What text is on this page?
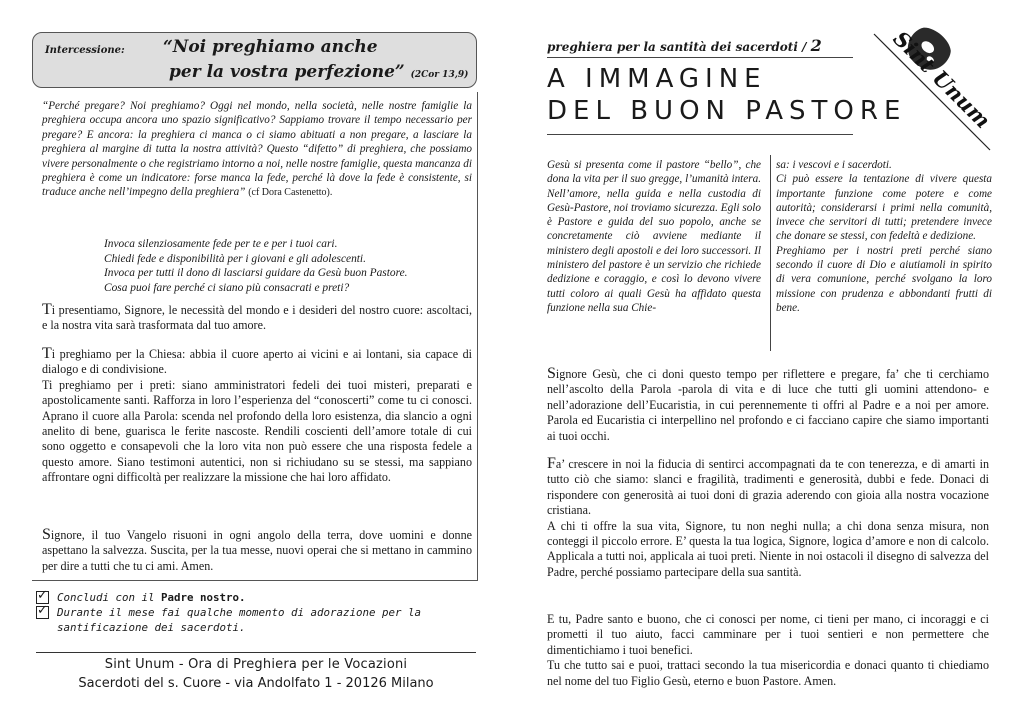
Intercessione: “Noi preghiamo anche
per la vostra perfezione” (2Cor 13,9)
“Perché pregare? Noi preghiamo? Oggi nel mondo, nella società, nelle nostre famiglie la preghiera occupa ancora uno spazio significativo? Sappiamo trovare il tempo necessario per pregare? E ancora: la preghiera ci manca o ci siamo abituati a non pregare, a lasciare la preghiera al margine di tutta la nostra attività? Questo “difetto” di preghiera, che possiamo vivere personalmente o che registriamo intorno a noi, nelle nostre famiglie, questa mancanza di preghiera è come un indicatore: forse manca la fede, perché là dove la fede è consistente, si traduce anche nell’impegno della preghiera” (cf Dora Castenetto).
Invoca silenziosamente fede per te e per i tuoi cari.
Chiedi fede e disponibilità per i giovani e gli adolescenti.
Invoca per tutti il dono di lasciarsi guidare da Gesù buon Pastore.
Cosa puoi fare perché ci siano più consacrati e preti?
Ti presentiamo, Signore, le necessità del mondo e i desideri del nostro cuore: ascoltaci, e la nostra vita sarà trasformata dal tuo amore.
Ti preghiamo per la Chiesa: abbia il cuore aperto ai vicini e ai lontani, sia capace di dialogo e di condivisione.
Ti preghiamo per i preti: siano amministratori fedeli dei tuoi misteri, preparati e apostolicamente santi. Rafforza in loro l’esperienza del “conoscerti” come tu ci conosci. Aprano il cuore alla Parola: scenda nel profondo della loro esistenza, dia slancio a ogni anelito di bene, guarisca le ferite nascoste. Rendili coscienti dell’amore totale di cui sono oggetto e consapevoli che la loro vita non può essere che una risposta fedele a questo amore. Siano testimoni autentici, non si richiudano su se stessi, ma sappiano affrontare ogni difficoltà per realizzare la missione che hai loro affidato.
Signore, il tuo Vangelo risuoni in ogni angolo della terra, dove uomini e donne aspettano la salvezza. Suscita, per la tua messe, nuovi operai che si mettano in cammino per dire a tutti che tu ci ami. Amen.
✓
Concludi con il Padre nostro.
✓
Durante il mese fai qualche momento di adorazione per la
santificazione dei sacerdoti.
Sint Unum - Ora di Preghiera per le Vocazioni
Sacerdoti del s. Cuore - via Andolfato 1 - 20126 Milano
preghiera per la santità dei sacerdoti / 2
A IMMAGINE
DEL BUON PASTORE
Sint Unum
Gesù si presenta come il pastore “bello”, che dona la vita per il suo gregge, l’umanità intera. Nell’amore, nella guida e nella custodia di Gesù-Pastore, noi troviamo sicurezza. Egli solo è Pastore e guida del suo popolo, anche se concretamente ciò avviene mediante il ministero degli apostoli e dei loro successori. Il ministero del pastore è un servizio che richiede dedizione e coraggio, e così lo devono vivere tutti coloro ai quali Gesù ha affidato questa funzione nella sua Chie-
sa: i vescovi e i sacerdoti.
Ci può essere la tentazione di vivere questa importante funzione come potere e come autorità; considerarsi i primi nella comunità, invece che servitori di tutti; pretendere invece che donare se stessi, con fedeltà e dedizione.
Preghiamo per i nostri preti perché siano secondo il cuore di Dio e aiutiamoli in spirito di vera comunione, perché svolgano la loro missione con prudenza e abbondanti frutti di bene.
Signore Gesù, che ci doni questo tempo per riflettere e pregare, fa’ che ti cerchiamo nell’ascolto della Parola -parola di vita e di luce che tutti gli uomini attendono- e nell’adorazione dell’Eucaristia, in cui perennemente ti offri al Padre e a noi per amore. Parola ed Eucaristia ci interpellino nel profondo e ci facciano capire che siamo importanti ai tuoi occhi.
Fa’ crescere in noi la fiducia di sentirci accompagnati da te con tenerezza, e di amarti in tutto ciò che siamo: slanci e fragilità, tradimenti e generosità, dubbi e fede. Donaci di rispondere con generosità ai tuoi doni di grazia aderendo con gioia alla nostra vocazione cristiana.
A chi ti offre la sua vita, Signore, tu non neghi nulla; a chi dona senza misura, non conteggi il piccolo errore. E’ questa la tua logica, Signore, logica d’amore e non di calcolo. Applicala a tutti noi, applicala ai tuoi preti. Niente in noi ostacoli il disegno di salvezza del Padre, perché possiamo partecipare della sua santità.
E tu, Padre santo e buono, che ci conosci per nome, ci tieni per mano, ci incoraggi e ci prometti il tuo aiuto, facci camminare per i tuoi sentieri e non permettere che dimentichiamo i tuoi benefici.
Tu che tutto sai e puoi, trattaci secondo la tua misericordia e donaci quanto ti chiediamo nel nome del tuo Figlio Gesù, eterno e buon Pastore. Amen.
